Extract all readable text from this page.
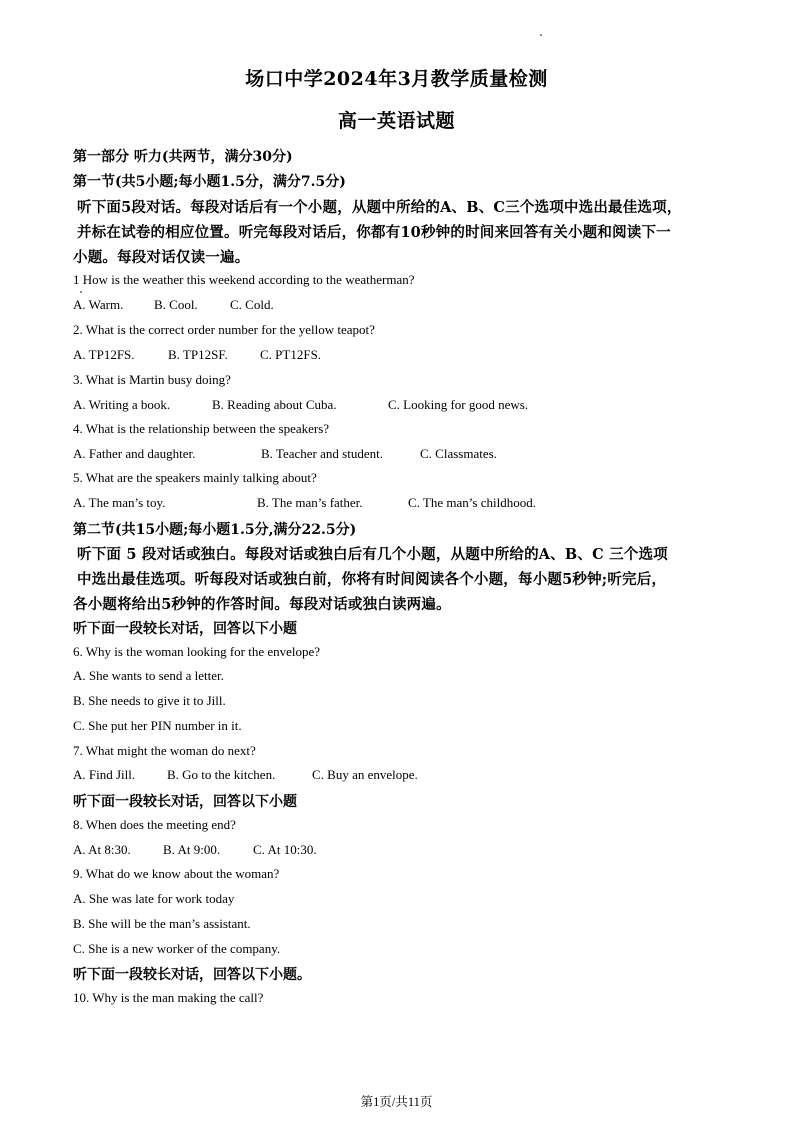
场口中学2024年3月教学质量检测
高一英语试题
第一部分 听力(共两节，满分30分)
第一节(共5小题;每小题1.5分，满分7.5分)
听下面5段对话。每段对话后有一个小题，从题中所给的A、B、C三个选项中选出最佳选项，
并标在试卷的相应位置。听完每段对话后，你都有10秒钟的时间来回答有关小题和阅读下一
小题。每段对话仅读一遍。
1 How is the weather this weekend according to the weatherman?
A. Warm. B. Cool. C. Cold.
2. What is the correct order number for the yellow teapot?
A. TP12FS.	B. TP12SF. C. PT12FS.
3. What is Martin busy doing?
A. Writing a book.	B. Reading about Cuba.	C. Looking for good news.
4. What is the relationship between the speakers?
A. Father and daughter.	B. Teacher and student.	C. Classmates.
5. What are the speakers mainly talking about?
A. The man’s toy.	B. The man’s father.	C. The man’s childhood.
第二节(共15小题;每小题1.5分,满分22.5分)
听下面 5 段对话或独白。每段对话或独白后有几个小题，从题中所给的A、B、C 三个选项
中选出最佳选项。听每段对话或独白前，你将有时间阅读各个小题，每小题5秒钟;听完后，
各小题将给出5秒钟的作答时间。每段对话或独白读两遍。
听下面一段较长对话，回答以下小题
6. Why is the woman looking for the envelope?
A. She wants to send a letter.
B. She needs to give it to Jill.
C. She put her PIN number in it.
7. What might the woman do next?
A. Find Jill. B. Go to the kitchen.	C. Buy an envelope.
听下面一段较长对话，回答以下小题
8. When does the meeting end?
A. At 8:30. B. At 9:00.	C. At 10:30.
9. What do we know about the woman?
A. She was late for work today
B. She will be the man’s assistant.
C. She is a new worker of the company.
听下面一段较长对话，回答以下小题。
10. Why is the man making the call?
第1页/共11页
